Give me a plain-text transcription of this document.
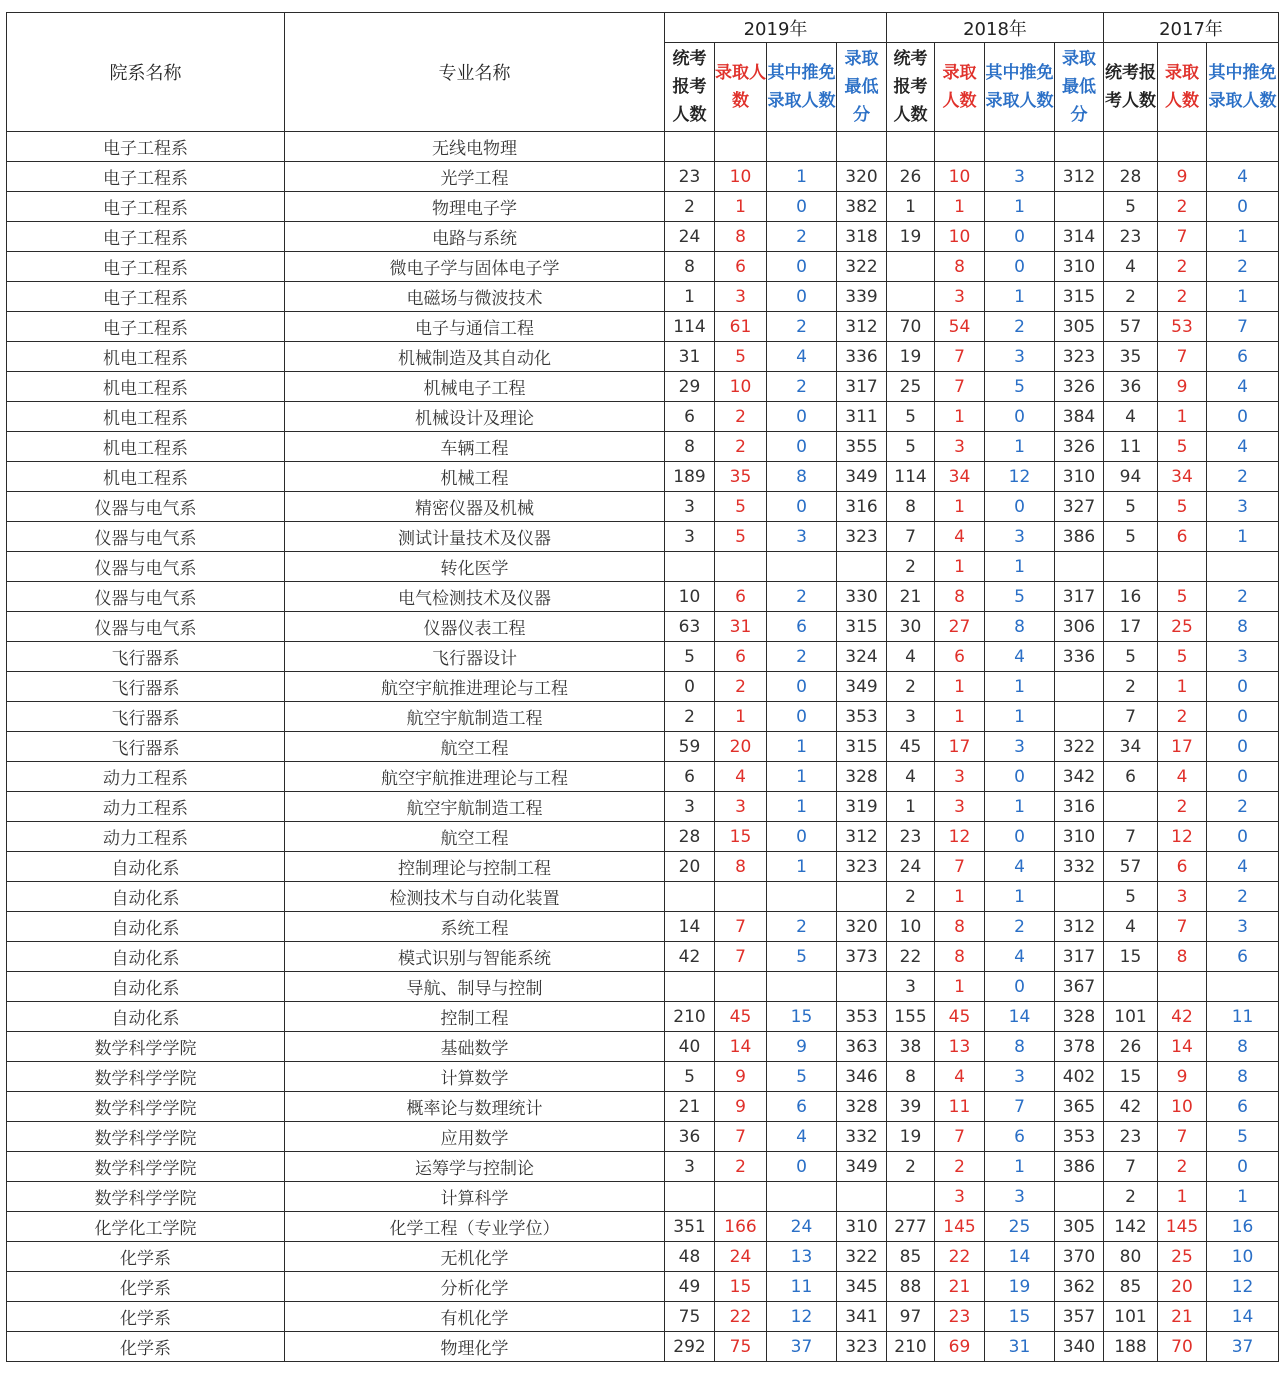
院系名称	专业名称	2019年				2018年				2017年		
		统考报考人数	录取人数	其中推免录取人数	录取最低分	统考报考人数	录取人数	其中推免录取人数	录取最低分	统考报考人数	录取人数	其中推免录取人数
电子工程系	无线电物理											
电子工程系	光学工程	23	10	1	320	26	10	3	312	28	9	4
电子工程系	物理电子学	2	1	0	382	1	1	1		5	2	0
电子工程系	电路与系统	24	8	2	318	19	10	0	314	23	7	1
电子工程系	微电子学与固体电子学	8	6	0	322		8	0	310	4	2	2
电子工程系	电磁场与微波技术	1	3	0	339		3	1	315	2	2	1
电子工程系	电子与通信工程	114	61	2	312	70	54	2	305	57	53	7
机电工程系	机械制造及其自动化	31	5	4	336	19	7	3	323	35	7	6
机电工程系	机械电子工程	29	10	2	317	25	7	5	326	36	9	4
机电工程系	机械设计及理论	6	2	0	311	5	1	0	384	4	1	0
机电工程系	车辆工程	8	2	0	355	5	3	1	326	11	5	4
机电工程系	机械工程	189	35	8	349	114	34	12	310	94	34	2
仪器与电气系	精密仪器及机械	3	5	0	316	8	1	0	327	5	5	3
仪器与电气系	测试计量技术及仪器	3	5	3	323	7	4	3	386	5	6	1
仪器与电气系	转化医学					2	1	1				
仪器与电气系	电气检测技术及仪器	10	6	2	330	21	8	5	317	16	5	2
仪器与电气系	仪器仪表工程	63	31	6	315	30	27	8	306	17	25	8
飞行器系	飞行器设计	5	6	2	324	4	6	4	336	5	5	3
飞行器系	航空宇航推进理论与工程	0	2	0	349	2	1	1		2	1	0
飞行器系	航空宇航制造工程	2	1	0	353	3	1	1		7	2	0
飞行器系	航空工程	59	20	1	315	45	17	3	322	34	17	0
动力工程系	航空宇航推进理论与工程	6	4	1	328	4	3	0	342	6	4	0
动力工程系	航空宇航制造工程	3	3	1	319	1	3	1	316		2	2
动力工程系	航空工程	28	15	0	312	23	12	0	310	7	12	0
自动化系	控制理论与控制工程	20	8	1	323	24	7	4	332	57	6	4
自动化系	检测技术与自动化装置					2	1	1		5	3	2
自动化系	系统工程	14	7	2	320	10	8	2	312	4	7	3
自动化系	模式识别与智能系统	42	7	5	373	22	8	4	317	15	8	6
自动化系	导航、制导与控制					3	1	0	367			
自动化系	控制工程	210	45	15	353	155	45	14	328	101	42	11
数学科学学院	基础数学	40	14	9	363	38	13	8	378	26	14	8
数学科学学院	计算数学	5	9	5	346	8	4	3	402	15	9	8
数学科学学院	概率论与数理统计	21	9	6	328	39	11	7	365	42	10	6
数学科学学院	应用数学	36	7	4	332	19	7	6	353	23	7	5
数学科学学院	运筹学与控制论	3	2	0	349	2	2	1	386	7	2	0
数学科学学院	计算科学						3	3		2	1	1
化学化工学院	化学工程（专业学位）	351	166	24	310	277	145	25	305	142	145	16
化学系	无机化学	48	24	13	322	85	22	14	370	80	25	10
化学系	分析化学	49	15	11	345	88	21	19	362	85	20	12
化学系	有机化学	75	22	12	341	97	23	15	357	101	21	14
化学系	物理化学	292	75	37	323	210	69	31	340	188	70	37
